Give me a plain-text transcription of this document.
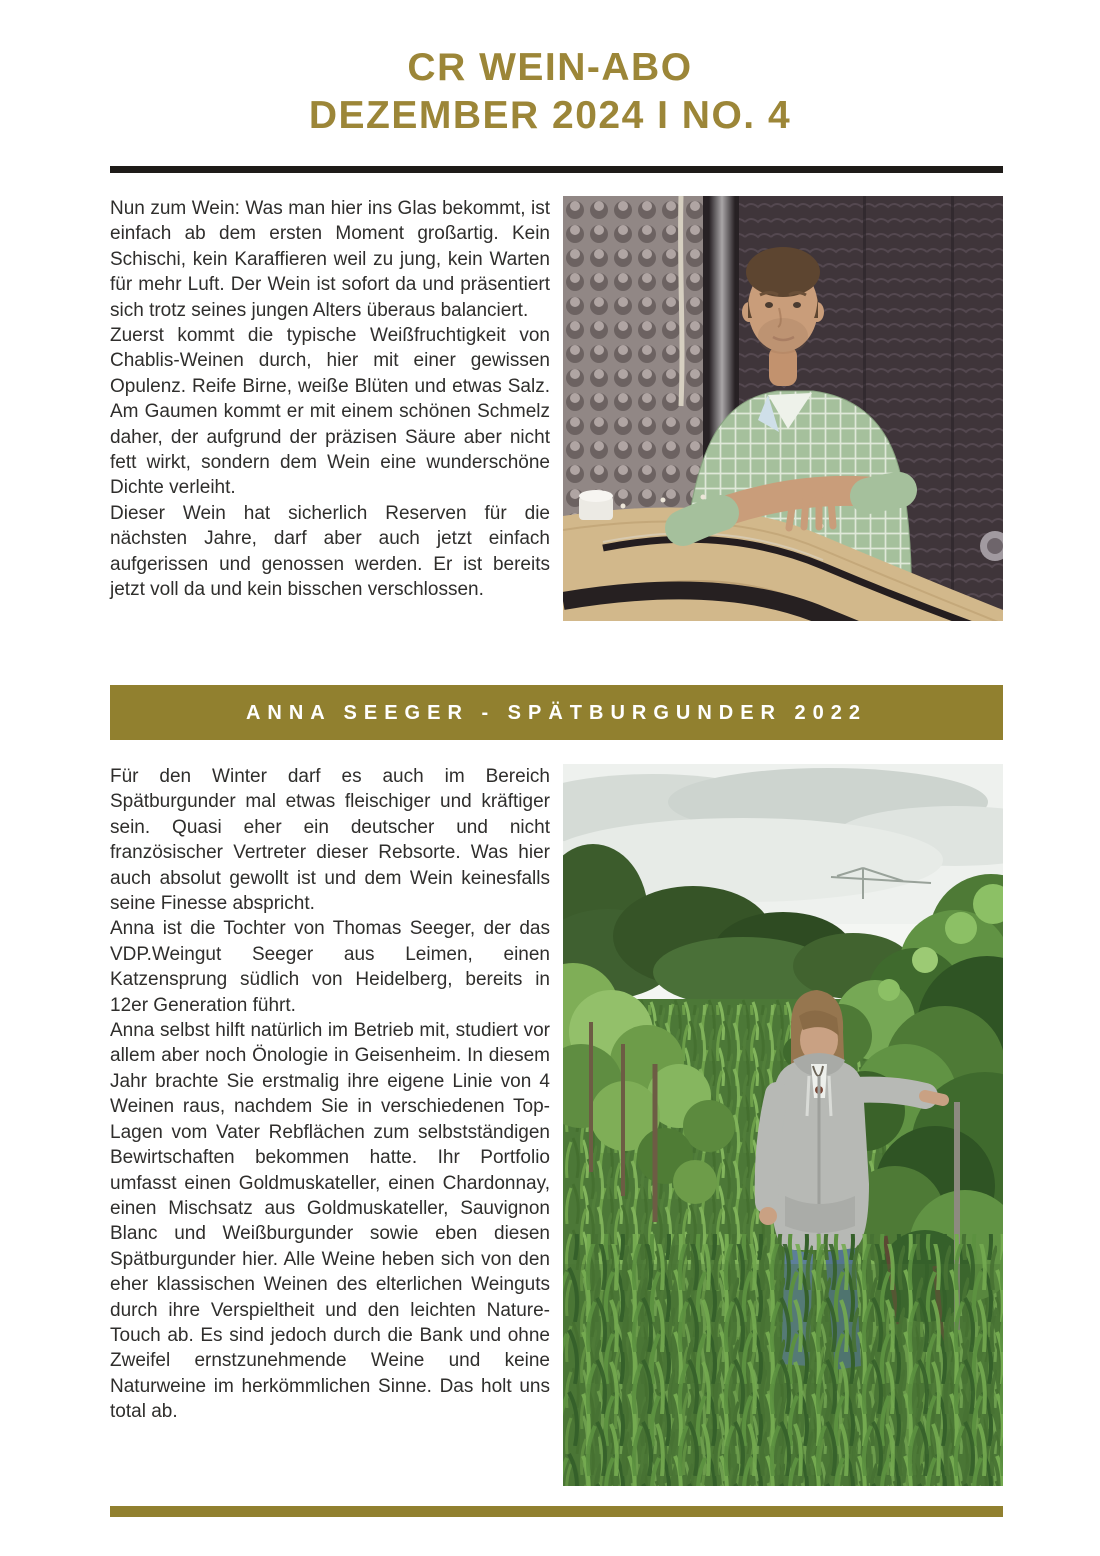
CR WEIN-ABO
DEZEMBER 2024 I NO. 4

Nun zum Wein: Was man hier ins Glas bekommt, ist einfach ab dem ersten Moment großartig. Kein Schischi, kein Karaffieren weil zu jung, kein Warten für mehr Luft. Der Wein ist sofort da und präsentiert sich trotz seines jungen Alters überaus balanciert.

Zuerst kommt die typische Weißfruchtigkeit von Chablis-Weinen durch, hier mit einer gewissen Opulenz. Reife Birne, weiße Blüten und etwas Salz. Am Gaumen kommt er mit einem schönen Schmelz daher, der aufgrund der präzisen Säure aber nicht fett wirkt, sondern dem Wein eine wunderschöne Dichte verleiht.

Dieser Wein hat sicherlich Reserven für die nächsten Jahre, darf aber auch jetzt einfach aufgerissen und genossen werden. Er ist bereits jetzt voll da und kein bisschen verschlossen.

ANNA SEEGER - SPÄTBURGUNDER 2022

Für den Winter darf es auch im Bereich Spätburgunder mal etwas fleischiger und kräftiger sein. Quasi eher ein deutscher und nicht französischer Vertreter dieser Rebsorte. Was hier auch absolut gewollt ist und dem Wein keinesfalls seine Finesse abspricht.

Anna ist die Tochter von Thomas Seeger, der das VDP.Weingut Seeger aus Leimen, einen Katzensprung südlich von Heidelberg, bereits in 12er Generation führt.

Anna selbst hilft natürlich im Betrieb mit, studiert vor allem aber noch Önologie in Geisenheim. In diesem Jahr brachte Sie erstmalig ihre eigene Linie von 4 Weinen raus, nachdem Sie in verschiedenen Top-Lagen vom Vater Rebflächen zum selbstständigen Bewirtschaften bekommen hatte. Ihr Portfolio umfasst einen Goldmuskateller, einen Chardonnay, einen Mischsatz aus Goldmuskateller, Sauvignon Blanc und Weißburgunder sowie eben diesen Spätburgunder hier. Alle Weine heben sich von den eher klassischen Weinen des elterlichen Weinguts durch ihre Verspieltheit und den leichten Nature-Touch ab. Es sind jedoch durch die Bank und ohne Zweifel ernstzunehmende Weine und keine Naturweine im herkömmlichen Sinne. Das holt uns total ab.
